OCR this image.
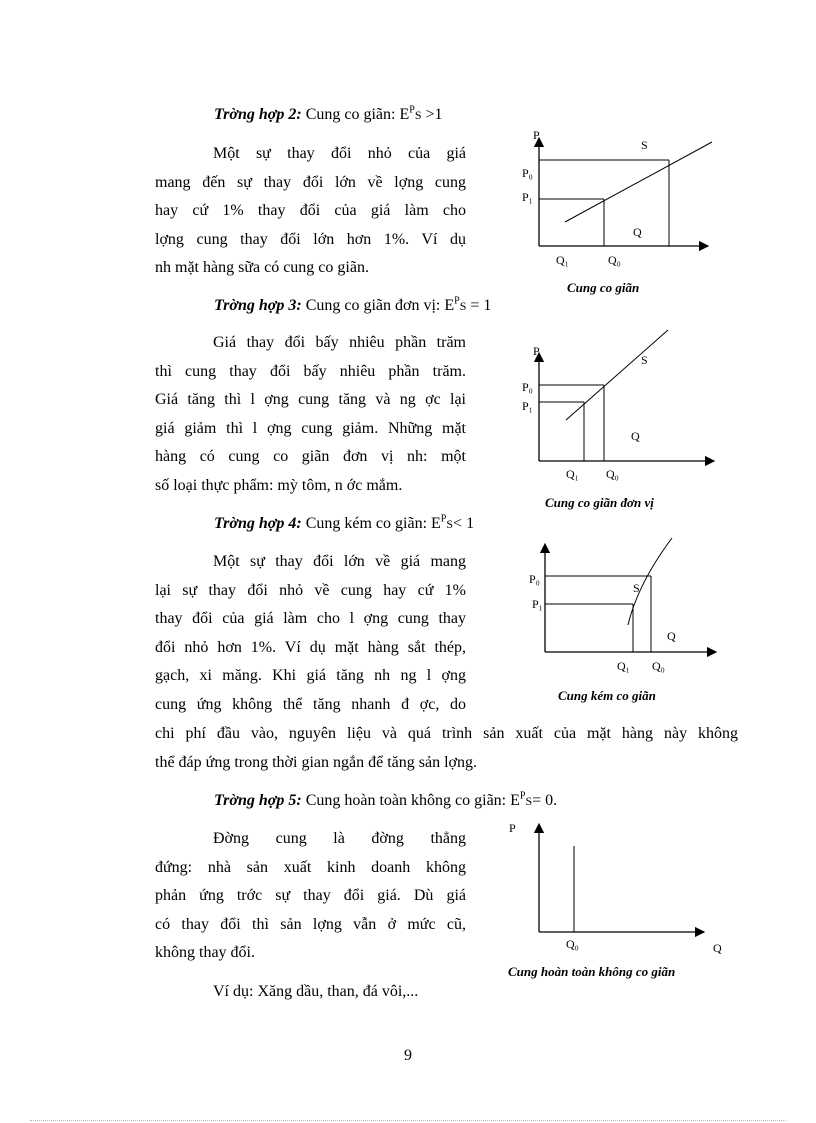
Trờng hợp 2: Cung co giãn: $E^PS >1$
Một sự thay đổi nhỏ của giá
mang đến sự thay đổi lớn về lợng cung
hay cứ 1% thay đổi của giá làm cho
lợng cung thay đổi lớn hơn 1%. Ví dụ
nh mặt hàng sữa có cung co giãn.
P
S
P₀
P₁
Q
Q₀
Q₁
Cung co giãn
Trờng hợp 3: Cung co giãn đơn vị: $E^PS = 1$
Giá thay đổi bấy nhiêu phần trăm
thì cung thay đổi bấy nhiêu phần trăm.
Giá tăng thì l ợng cung tăng và ng ợc lại
giá giảm thì l ợng cung giảm. Những mặt
hàng có cung co giãn đơn vị nh: một
số loại thực phẩm: mỳ tôm, n ớc mắm.
P
S
P₀
P₁
Q
Q₁ Q₀
Cung co giãn đơn vị
Trờng hợp 4: Cung kém co giãn: $E^PS< 1$
Một sự thay đổi lớn về giá mang
lại sự thay đổi nhỏ về cung hay cứ 1%
thay đổi của giá làm cho l ợng cung thay
đổi nhỏ hơn 1%. Ví dụ mặt hàng sắt thép,
gạch, xi măng. Khi giá tăng nh ng l ợng
cung ứng không thể tăng nhanh đ ợc, do
chi phí đầu vào, nguyên liệu và quá trình sản xuất của mặt hàng này không
thể đáp ứng trong thời gian ngắn để tăng sản lợng.
P₀
P₁
S
Q
Q₁ Q₀
Cung kém co giãn
Trờng hợp 5: Cung hoàn toàn không co giãn: $E^PS= 0$.
Đờng cung là đờng thẳng
đứng: nhà sản xuất kinh doanh không
phản ứng trớc sự thay đổi giá. Dù giá
có thay đổi thì sản lợng vẫn ở mức cũ,
không thay đổi.
Ví dụ: Xăng dầu, than, đá vôi,...
P
Q₀	Q
Cung hoàn toàn không co giãn
9
